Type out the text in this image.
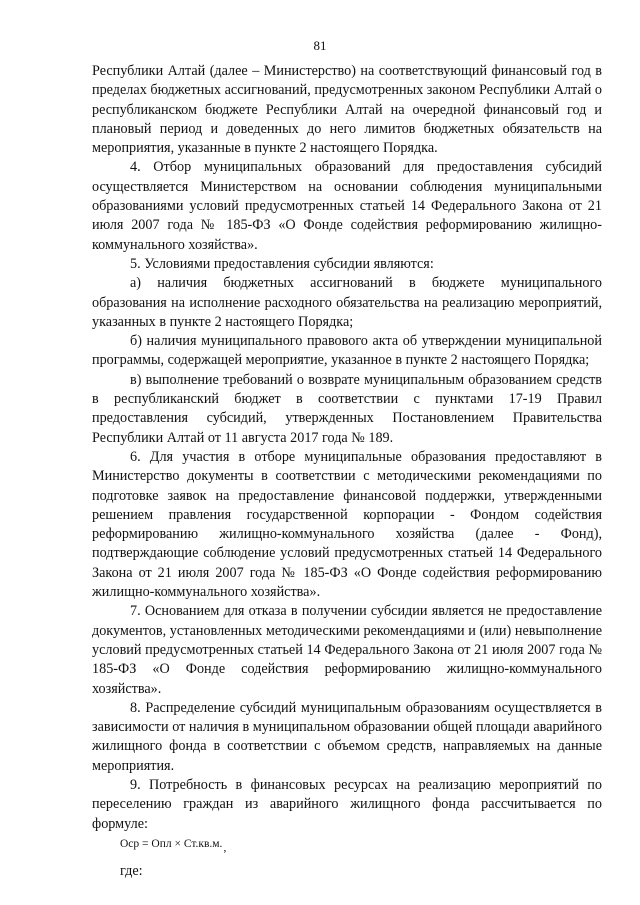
81

Республики Алтай (далее – Министерство) на соответствующий финансовый год в пределах бюджетных ассигнований, предусмотренных законом Республики Алтай о республиканском бюджете Республики Алтай на очередной финансовый год и плановый период и доведенных до него лимитов бюджетных обязательств на мероприятия, указанные в пункте 2 настоящего Порядка.

4. Отбор муниципальных образований для предоставления субсидий осуществляется Министерством на основании соблюдения муниципальными образованиями условий предусмотренных статьей 14 Федерального Закона от 21 июля 2007 года № 185-ФЗ «О Фонде содействия реформированию жилищно-коммунального хозяйства».

5. Условиями предоставления субсидии являются:

а) наличия бюджетных ассигнований в бюджете муниципального образования на исполнение расходного обязательства на реализацию мероприятий, указанных в пункте 2 настоящего Порядка;

б) наличия муниципального правового акта об утверждении муниципальной программы, содержащей мероприятие, указанное в пункте 2 настоящего Порядка;

в) выполнение требований о возврате муниципальным образованием средств в республиканский бюджет в соответствии с пунктами 17-19 Правил предоставления субсидий, утвержденных Постановлением Правительства Республики Алтай от 11 августа 2017 года № 189.

6. Для участия в отборе муниципальные образования предоставляют в Министерство документы в соответствии с методическими рекомендациями по подготовке заявок на предоставление финансовой поддержки, утвержденными решением правления государственной корпорации - Фондом содействия реформированию жилищно-коммунального хозяйства (далее - Фонд), подтверждающие соблюдение условий предусмотренных статьей 14 Федерального Закона от 21 июля 2007 года № 185-ФЗ «О Фонде содействия реформированию жилищно-коммунального хозяйства».

7. Основанием для отказа в получении субсидии является не предоставление документов, установленных методическими рекомендациями и (или) невыполнение условий предусмотренных статьей 14 Федерального Закона от 21 июля 2007 года № 185-ФЗ «О Фонде содействия реформированию жилищно-коммунального хозяйства».

8. Распределение субсидий муниципальным образованиям осуществляется в зависимости от наличия в муниципальном образовании общей площади аварийного жилищного фонда в соответствии с объемом средств, направляемых на данные мероприятия.

9. Потребность в финансовых ресурсах на реализацию мероприятий по переселению граждан из аварийного жилищного фонда рассчитывается по формуле:

Оср = Опл × Ст.кв.м.,
где:
